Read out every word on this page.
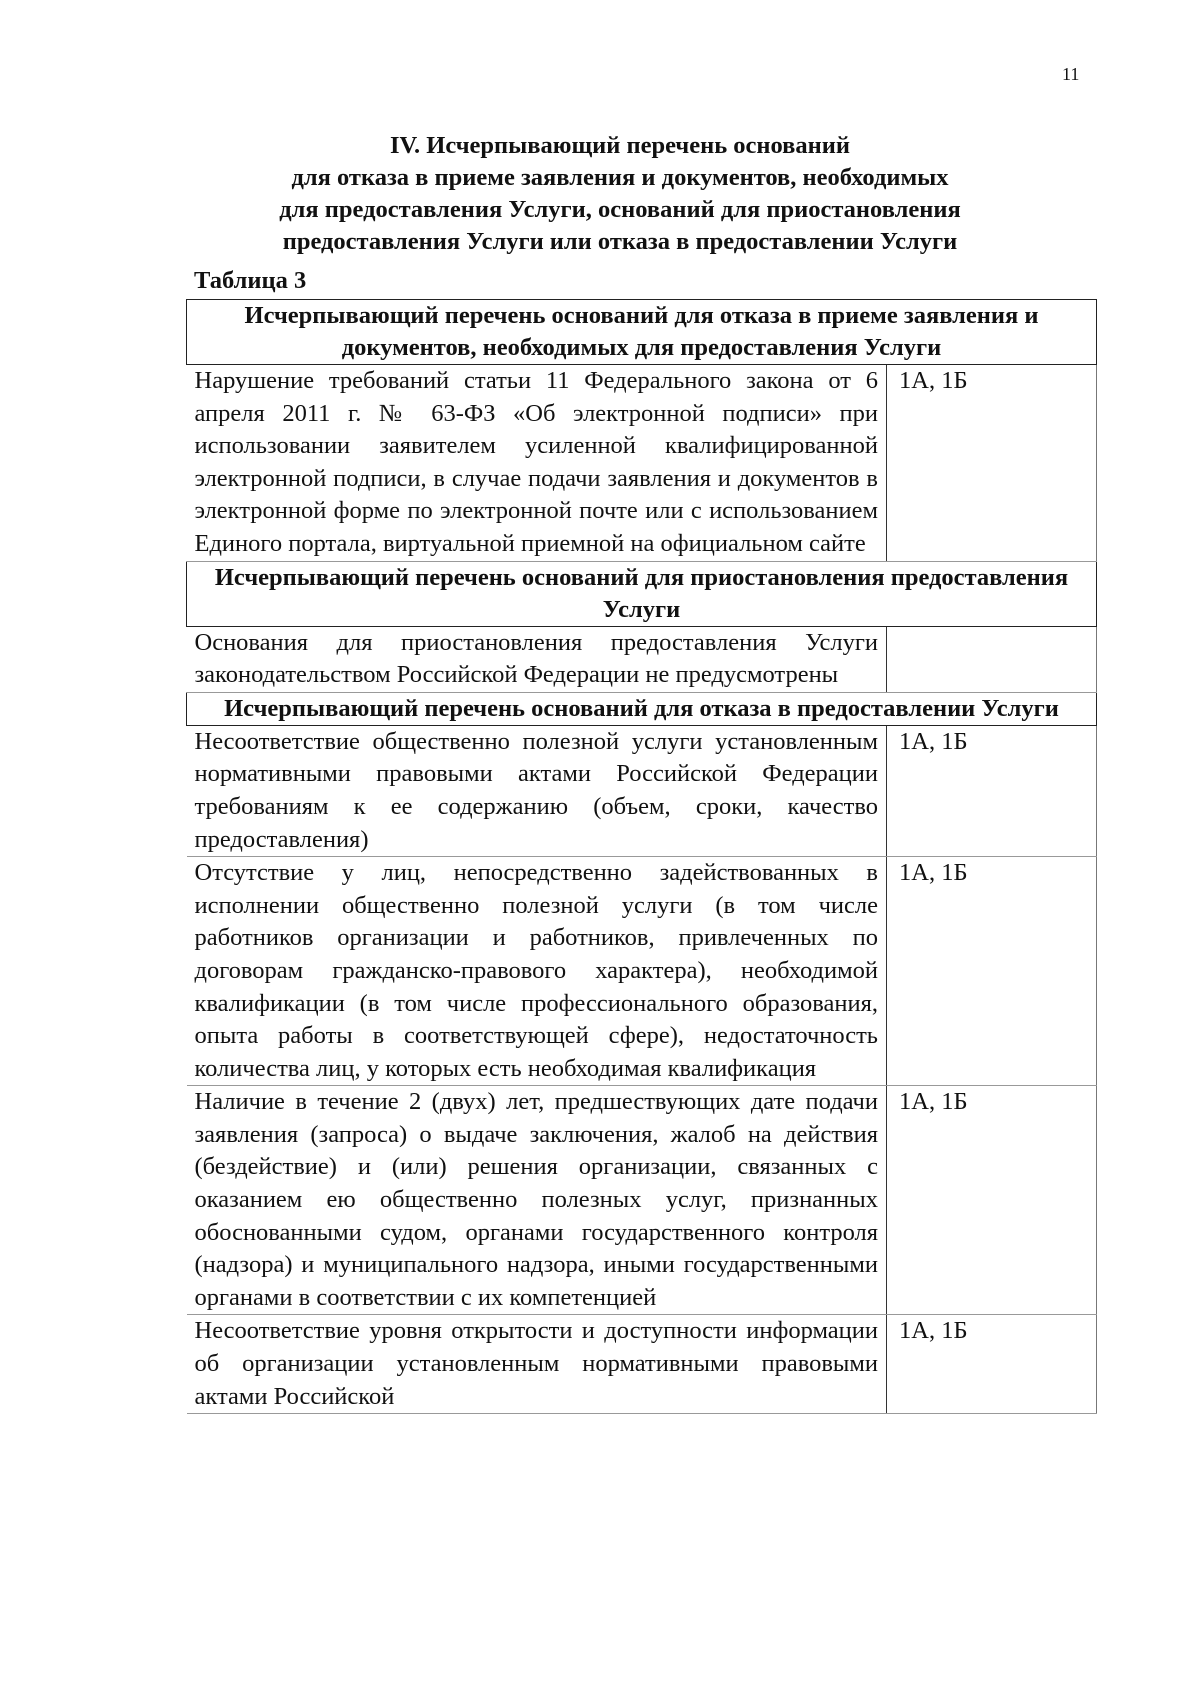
11
IV. Исчерпывающий перечень оснований
для отказа в приеме заявления и документов, необходимых
для предоставления Услуги, оснований для приостановления
предоставления Услуги или отказа в предоставлении Услуги
Таблица 3
Исчерпывающий перечень оснований для отказа в приеме заявления и документов, необходимых для предоставления Услуги	
Нарушение требований статьи 11 Федерального закона от 6 апреля 2011 г. № 63-ФЗ «Об электронной подписи» при использовании заявителем усиленной квалифицированной электронной подписи, в случае подачи заявления и документов в электронной форме по электронной почте или с использованием Единого портала, виртуальной приемной на официальном сайте	1А, 1Б
Исчерпывающий перечень оснований для приостановления предоставления Услуги	
Основания для приостановления предоставления Услуги законодательством Российской Федерации не предусмотрены	
Исчерпывающий перечень оснований для отказа в предоставлении Услуги	
Несоответствие общественно полезной услуги установленным нормативными правовыми актами Российской Федерации требованиям к ее содержанию (объем, сроки, качество предоставления)	1А, 1Б
Отсутствие у лиц, непосредственно задействованных в исполнении общественно полезной услуги (в том числе работников организации и работников, привлеченных по договорам гражданско-правового характера), необходимой квалификации (в том числе профессионального образования, опыта работы в соответствующей сфере), недостаточность количества лиц, у которых есть необходимая квалификация	1А, 1Б
Наличие в течение 2 (двух) лет, предшествующих дате подачи заявления (запроса) о выдаче заключения, жалоб на действия (бездействие) и (или) решения организации, связанных с оказанием ею общественно полезных услуг, признанных обоснованными судом, органами государственного контроля (надзора) и муниципального надзора, иными государственными органами в соответствии с их компетенцией	1А, 1Б
Несоответствие уровня открытости и доступности информации об организации установленным нормативными правовыми актами Российской	1А, 1Б
